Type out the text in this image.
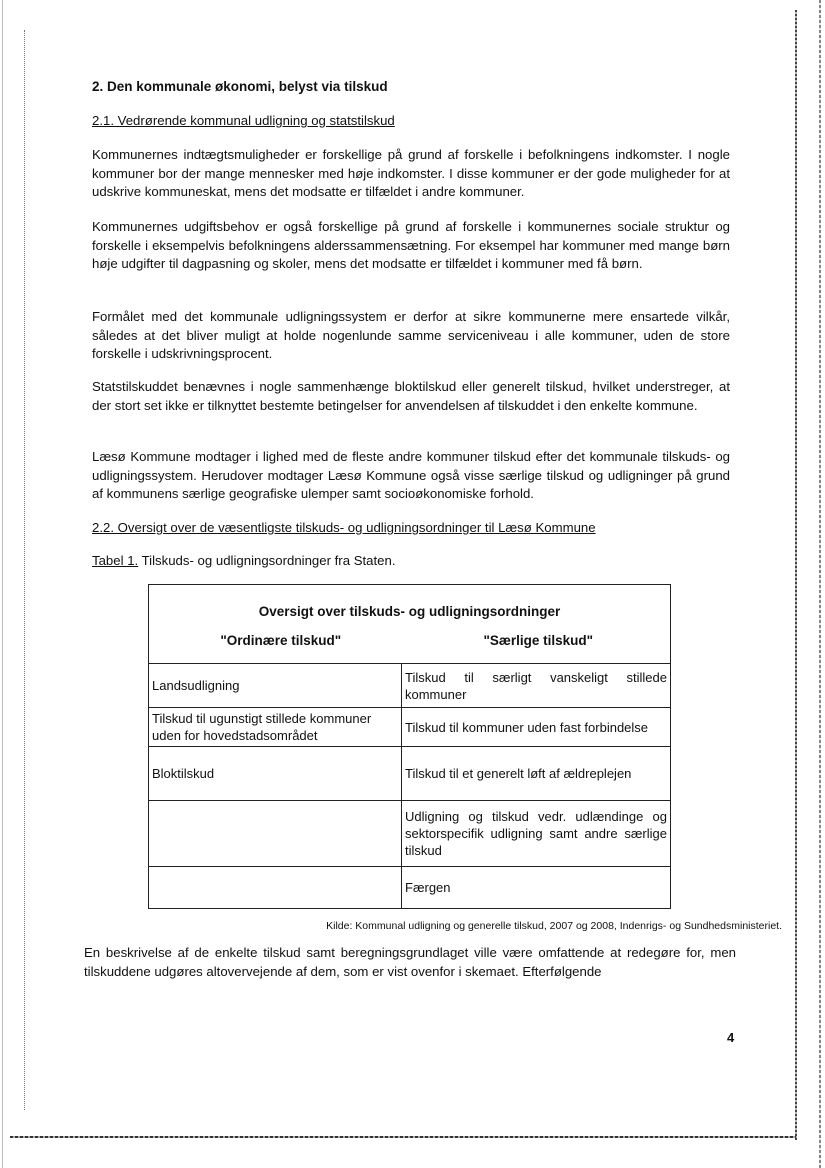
2. Den kommunale økonomi, belyst via tilskud
2.1. Vedrørende kommunal udligning og statstilskud

Kommunernes indtægtsmuligheder er forskellige på grund af forskelle i befolkningens indkomster. I nogle kommuner bor der mange mennesker med høje indkomster. I disse kommuner er der gode muligheder for at udskrive kommuneskat, mens det modsatte er tilfældet i andre kommuner.

Kommunernes udgiftsbehov er også forskellige på grund af forskelle i kommunernes sociale struktur og forskelle i eksempelvis befolkningens alderssammensætning. For eksempel har kommuner med mange børn høje udgifter til dagpasning og skoler, mens det modsatte er tilfældet i kommuner med få børn.

Formålet med det kommunale udligningssystem er derfor at sikre kommunerne mere ensartede vilkår, således at det bliver muligt at holde nogenlunde samme serviceniveau i alle kommuner, uden de store forskelle i udskrivningsprocent.

Statstilskuddet benævnes i nogle sammenhænge bloktilskud eller generelt tilskud, hvilket understreger, at der stort set ikke er tilknyttet bestemte betingelser for anvendelsen af tilskuddet i den enkelte kommune.

Læsø Kommune modtager i lighed med de fleste andre kommuner tilskud efter det kommunale tilskuds- og udligningssystem. Herudover modtager Læsø Kommune også visse særlige tilskud og udligninger på grund af kommunens særlige geografiske ulemper samt socioøkonomiske forhold.

2.2. Oversigt over de væsentligste tilskuds- og udligningsordninger til Læsø Kommune
Tabel 1. Tilskuds- og udligningsordninger fra Staten.
Oversigt over tilskuds- og udligningsordninger
"Ordinære tilskud" "Særlige tilskud"	

Landsudligning	Tilskud til særligt vanskeligt stillede kommuner
Tilskud til ugunstigt stillede kommuner uden for hovedstadsområdet	Tilskud til kommuner uden fast forbindelse
Bloktilskud	Tilskud til et generelt løft af ældreplejen
	Udligning og tilskud vedr. udlændinge og sektorspecifik udligning samt andre særlige tilskud
	Færgen
Kilde: Kommunal udligning og generelle tilskud, 2007 og 2008, Indenrigs- og Sundhedsministeriet.

En beskrivelse af de enkelte tilskud samt beregningsgrundlaget ville være omfattende at redegøre for, men tilskuddene udgøres altovervejende af dem, som er vist ovenfor i skemaet. Efterfølgende

4
